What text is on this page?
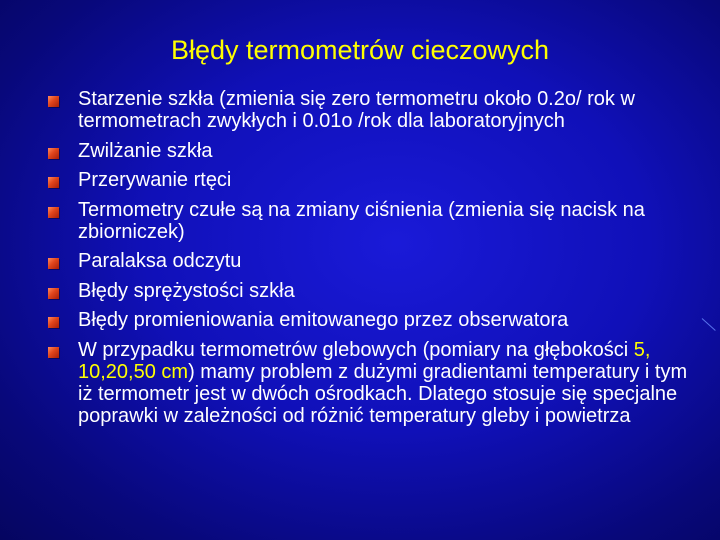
Błędy termometrów cieczowych
Starzenie szkła (zmienia się zero termometru około 0.2o/ rok w termometrach zwykłych i 0.01o /rok dla laboratoryjnych
Zwilżanie szkła
Przerywanie rtęci
Termometry czułe są na zmiany ciśnienia (zmienia się nacisk na zbiorniczek)
Paralaksa odczytu
Błędy sprężystości szkła
Błędy promieniowania emitowanego przez obserwatora
W przypadku termometrów glebowych (pomiary na głębokości 5, 10,20,50 cm) mamy problem z dużymi gradientami temperatury i tym iż termometr jest w dwóch ośrodkach. Dlatego stosuje się specjalne poprawki w zależności od różnić temperatury gleby i powietrza
